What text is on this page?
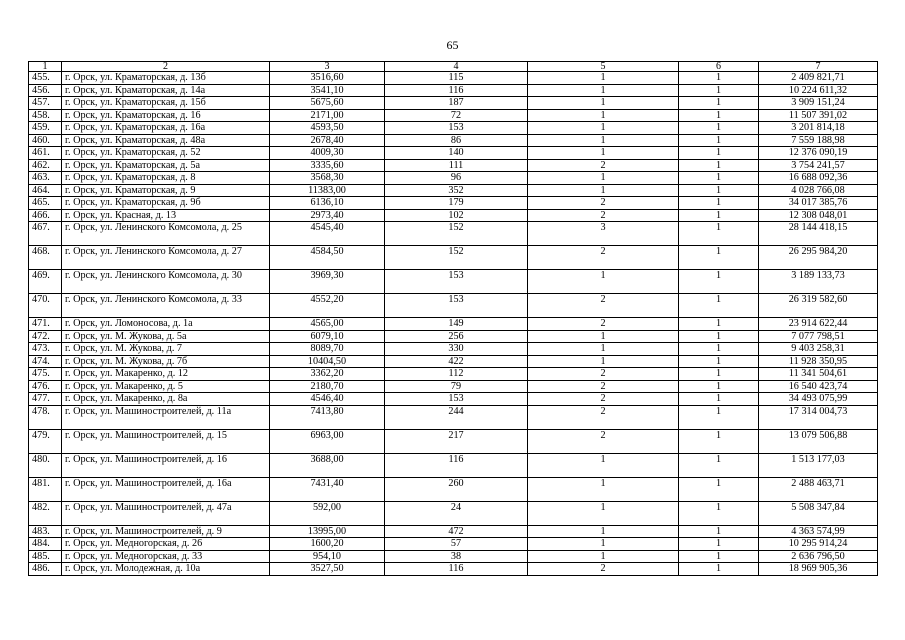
65
1	2	3	4	5	6	7
455.	г. Орск, ул. Краматорская, д. 13б	3516,60	115	1	1	2 409 821,71
456.	г. Орск, ул. Краматорская, д. 14а	3541,10	116	1	1	10 224 611,32
457.	г. Орск, ул. Краматорская, д. 15б	5675,60	187	1	1	3 909 151,24
458.	г. Орск, ул. Краматорская, д. 16	2171,00	72	1	1	11 507 391,02
459.	г. Орск, ул. Краматорская, д. 16а	4593,50	153	1	1	3 201 814,18
460.	г. Орск, ул. Краматорская, д. 48а	2678,40	86	1	1	7 559 188,98
461.	г. Орск, ул. Краматорская, д. 52	4009,30	140	1	1	12 376 090,19
462.	г. Орск, ул. Краматорская, д. 5а	3335,60	111	2	1	3 754 241,57
463.	г. Орск, ул. Краматорская, д. 8	3568,30	96	1	1	16 688 092,36
464.	г. Орск, ул. Краматорская, д. 9	11383,00	352	1	1	4 028 766,08
465.	г. Орск, ул. Краматорская, д. 9б	6136,10	179	2	1	34 017 385,76
466.	г. Орск, ул. Красная, д. 13	2973,40	102	2	1	12 308 048,01
467.	г. Орск, ул. Ленинского Комсомола, д. 25	4545,40	152	3	1	28 144 418,15
468.	г. Орск, ул. Ленинского Комсомола, д. 27	4584,50	152	2	1	26 295 984,20
469.	г. Орск, ул. Ленинского Комсомола, д. 30	3969,30	153	1	1	3 189 133,73
470.	г. Орск, ул. Ленинского Комсомола, д. 33	4552,20	153	2	1	26 319 582,60
471.	г. Орск, ул. Ломоносова, д. 1а	4565,00	149	2	1	23 914 622,44
472.	г. Орск, ул. М. Жукова, д. 5а	6079,10	256	1	1	7 077 798,51
473.	г. Орск, ул. М. Жукова, д. 7	8089,70	330	1	1	9 403 258,31
474.	г. Орск, ул. М. Жукова, д. 7б	10404,50	422	1	1	11 928 350,95
475.	г. Орск, ул. Макаренко, д. 12	3362,20	112	2	1	11 341 504,61
476.	г. Орск, ул. Макаренко, д. 5	2180,70	79	2	1	16 540 423,74
477.	г. Орск, ул. Макаренко, д. 8а	4546,40	153	2	1	34 493 075,99
478.	г. Орск, ул. Машиностроителей, д. 11а	7413,80	244	2	1	17 314 004,73
479.	г. Орск, ул. Машиностроителей, д. 15	6963,00	217	2	1	13 079 506,88
480.	г. Орск, ул. Машиностроителей, д. 16	3688,00	116	1	1	1 513 177,03
481.	г. Орск, ул. Машиностроителей, д. 16а	7431,40	260	1	1	2 488 463,71
482.	г. Орск, ул. Машиностроителей, д. 47а	592,00	24	1	1	5 508 347,84
483.	г. Орск, ул. Машиностроителей, д. 9	13995,00	472	1	1	4 363 574,99
484.	г. Орск, ул. Медногорская, д. 26	1600,20	57	1	1	10 295 914,24
485.	г. Орск, ул. Медногорская, д. 33	954,10	38	1	1	2 636 796,50
486.	г. Орск, ул. Молодежная, д. 10а	3527,50	116	2	1	18 969 905,36
